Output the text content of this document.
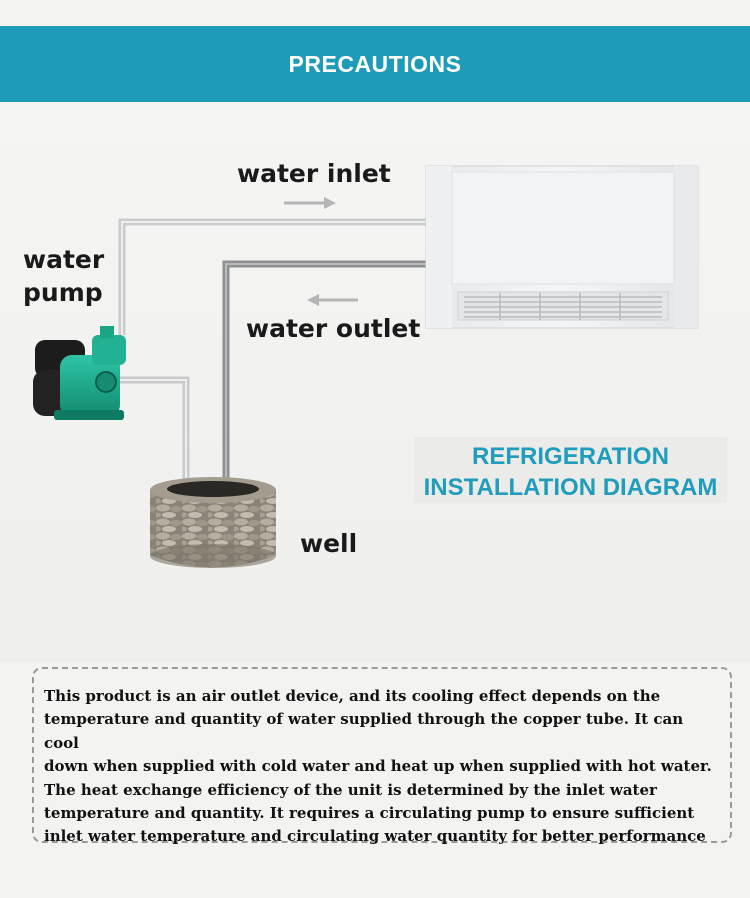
PRECAUTIONS
water inlet
water outlet
water
pump
well
REFRIGERATION
INSTALLATION DIAGRAM

This product is an air outlet device, and its cooling effect depends on the

temperature and quantity of water supplied through the copper tube. It can cool

down when supplied with cold water and heat up when supplied with hot water.

The heat exchange efficiency of the unit is determined by the inlet water

temperature and quantity. It requires a circulating pump to ensure sufficient

inlet water temperature and circulating water quantity for better performance
